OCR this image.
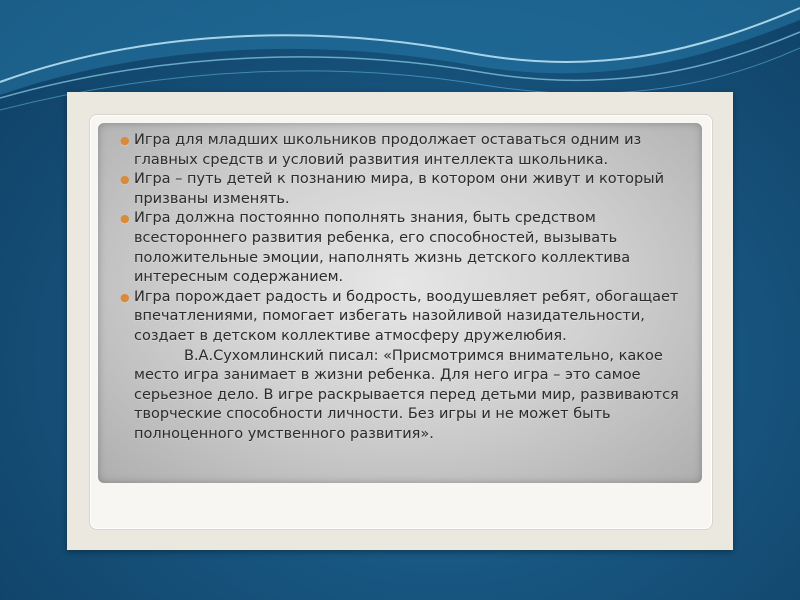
● Игра для младших школьников продолжает оставаться одним из главных средств и условий развития интеллекта школьника.
● Игра – путь детей к познанию мира, в котором они живут и который призваны изменять.
● Игра должна постоянно пополнять знания, быть средством всестороннего развития ребенка, его способностей, вызывать положительные эмоции, наполнять жизнь детского коллектива интересным содержанием.
● Игра порождает радость и бодрость, воодушевляет ребят, обогащает впечатлениями, помогает избегать назойливой назидательности, создает в детском коллективе атмосферу дружелюбия.

В.А.Сухомлинский писал: «Присмотримся внимательно, какое место игра занимает в жизни ребенка. Для него игра – это самое серьезное дело. В игре раскрывается перед детьми мир, развиваются творческие способности личности. Без игры и не может быть полноценного умственного развития».
